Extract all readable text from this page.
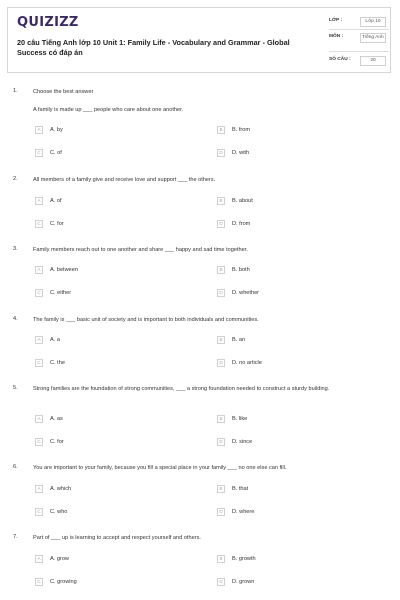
QUIZIZZ
20 câu Tiếng Anh lớp 10 Unit 1: Family Life - Vocabulary and Grammar - Global Success có đáp án
LỚP :	Lớp 10
MÔN :	Tiếng Anh
SỐ CÂU :	20
1.	Choose the best answer
A family is made up ___ people who care about one another.
A	A. by	B	B. from
C	C. of	D	D. with
2.	All members of a family give and receive love and support ___ the others.
A	A. of	B	B. about
C	C. for	D	D. from
3.	Family members reach out to one another and share ___ happy and sad time together.
A	A. between	B	B. both
C	C. either	D	D. whether
4.	The family is ___ basic unit of society and is important to both individuals and communities.
A	A. a	B	B. an
C	C. the	D	D. no article
5.	Strong families are the foundation of strong communities, ___ a strong foundation needed to construct a sturdy building.
A	A. as	B	B. like
C	C. for	D	D. since
6.	You are important to your family, because you fill a special place in your family ___ no one else can fill.
A	A. which	B	B. that
C	C. who	D	D. where
7.	Part of ___ up is learning to accept and respect yourself and others.
A	A. grow	B	B. growth
C	C. growing	D	D. grown
